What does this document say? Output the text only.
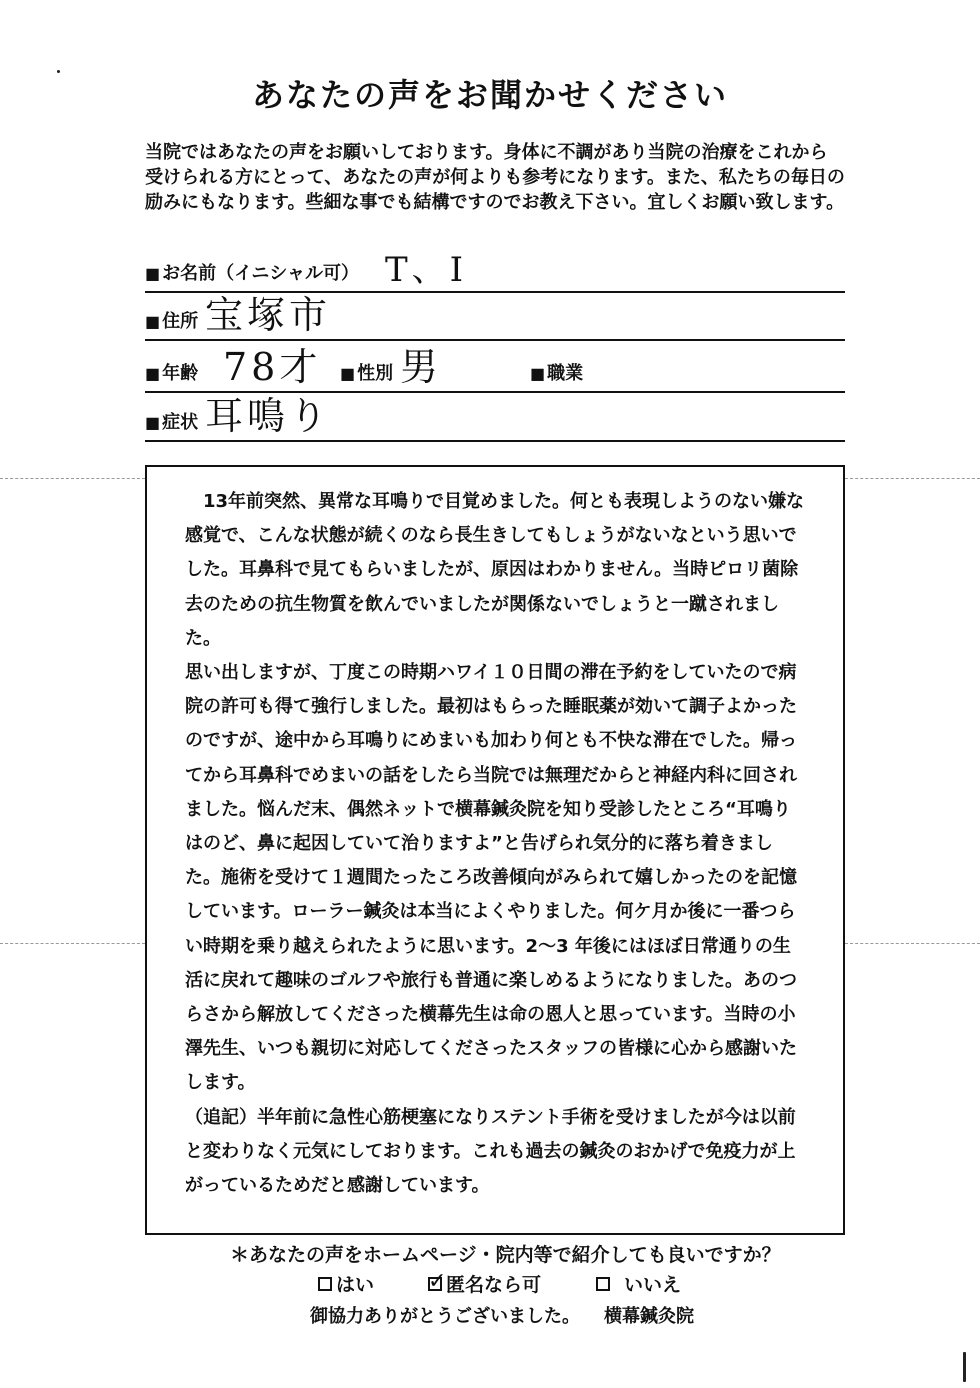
あなたの声をお聞かせください
当院ではあなたの声をお願いしております。身体に不調があり当院の治療をこれから受けられる方にとって、あなたの声が何よりも参考になります。また、私たちの毎日の励みにもなります。些細な事でも結構ですのでお教え下さい。宜しくお願い致します。
■ お名前（イニシャル可） T、I
■ 住所 宝塚市
■ 年齢 78才	■ 性別 男	■ 職業
■ 症状 耳鳴り

13年前突然、異常な耳鳴りで目覚めました。何とも表現しようのない嫌な感覚で、こんな状態が続くのなら長生きしてもしょうがないなという思いでした。耳鼻科で見てもらいましたが、原因はわかりません。当時ピロリ菌除去のための抗生物質を飲んでいましたが関係ないでしょうと一蹴されました。

思い出しますが、丁度この時期ハワイ１０日間の滞在予約をしていたので病院の許可も得て強行しました。最初はもらった睡眠薬が効いて調子よかったのですが、途中から耳鳴りにめまいも加わり何とも不快な滞在でした。帰ってから耳鼻科でめまいの話をしたら当院では無理だからと神経内科に回されました。悩んだ末、偶然ネットで横幕鍼灸院を知り受診したところ“耳鳴りはのど、鼻に起因していて治りますよ”と告げられ気分的に落ち着きました。施術を受けて１週間たったころ改善傾向がみられて嬉しかったのを記憶しています。ローラー鍼灸は本当によくやりました。何ケ月か後に一番つらい時期を乗り越えられたように思います。2～3 年後にはほぼ日常通りの生活に戻れて趣味のゴルフや旅行も普通に楽しめるようになりました。あのつらさから解放してくださった横幕先生は命の恩人と思っています。当時の小澤先生、いつも親切に対応してくださったスタッフの皆様に心から感謝いたします。

（追記）半年前に急性心筋梗塞になりステント手術を受けましたが今は以前と変わりなく元気にしております。これも過去の鍼灸のおかげで免疫力が上がっているためだと感謝しています。

＊あなたの声をホームページ・院内等で紹介しても良いですか？
はい ✓ 匿名なら可	いいえ
御協力ありがとうございました。 横幕鍼灸院
